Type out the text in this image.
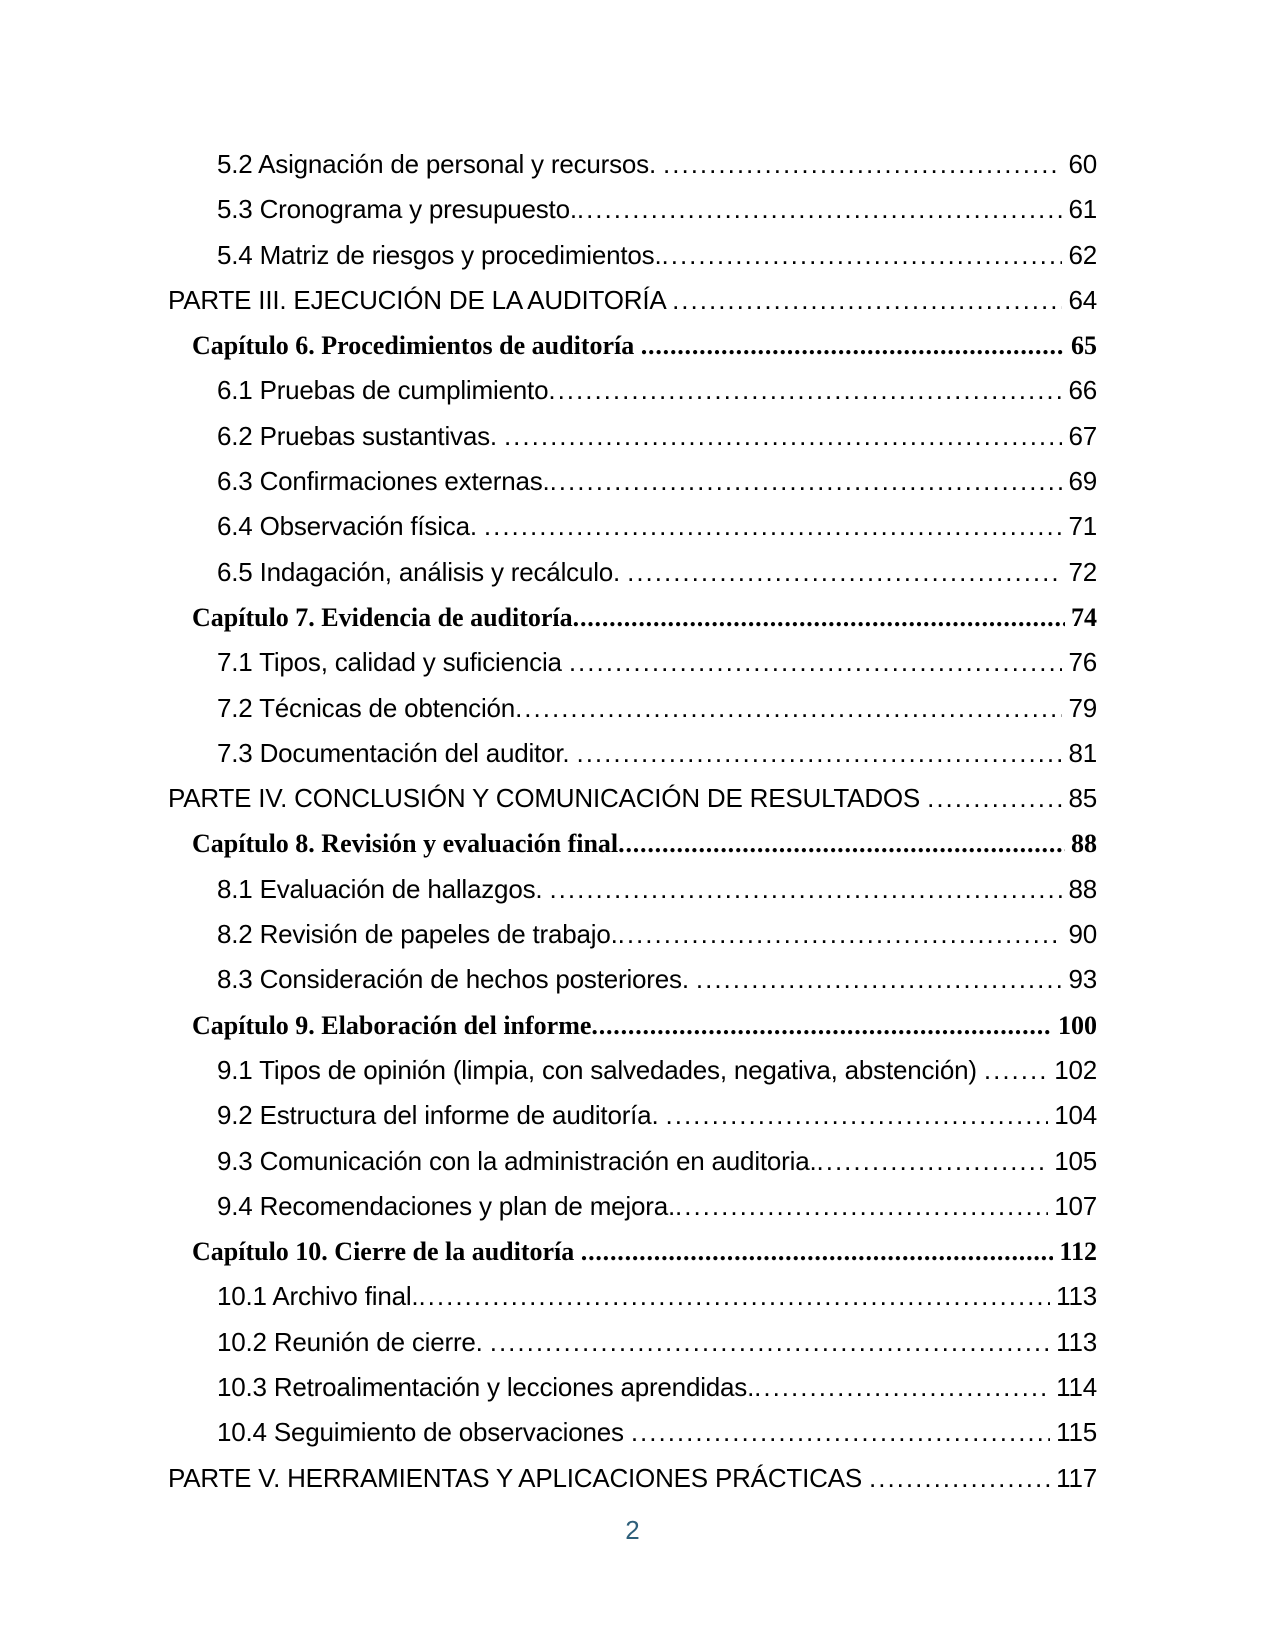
5.2 Asignación de personal y recursos. .....	60
5.3 Cronograma y presupuesto. .....	61
5.4 Matriz de riesgos y procedimientos. .....	62
PARTE III. EJECUCIÓN DE LA AUDITORÍA .....	64
Capítulo 6. Procedimientos de auditoría .....	65
6.1 Pruebas de cumplimiento .....	66
6.2 Pruebas sustantivas. .....	67
6.3 Confirmaciones externas. .....	69
6.4 Observación física. .....	71
6.5 Indagación, análisis y recálculo. .....	72
Capítulo 7. Evidencia de auditoría .....	74
7.1 Tipos, calidad y suficiencia .....	76
7.2 Técnicas de obtención .....	79
7.3 Documentación del auditor. .....	81
PARTE IV. CONCLUSIÓN Y COMUNICACIÓN DE RESULTADOS .....	85
Capítulo 8. Revisión y evaluación final .....	88
8.1 Evaluación de hallazgos. .....	88
8.2 Revisión de papeles de trabajo. .....	90
8.3 Consideración de hechos posteriores. .....	93
Capítulo 9. Elaboración del informe .....	100
9.1 Tipos de opinión (limpia, con salvedades, negativa, abstención) .....	102
9.2 Estructura del informe de auditoría. .....	104
9.3 Comunicación con la administración en auditoria. .....	105
9.4 Recomendaciones y plan de mejora. .....	107
Capítulo 10. Cierre de la auditoría .....	112
10.1 Archivo final. .....	113
10.2 Reunión de cierre. .....	113
10.3 Retroalimentación y lecciones aprendidas. .....	114
10.4 Seguimiento de observaciones .....	115
PARTE V. HERRAMIENTAS Y APLICACIONES PRÁCTICAS .....	117
2
